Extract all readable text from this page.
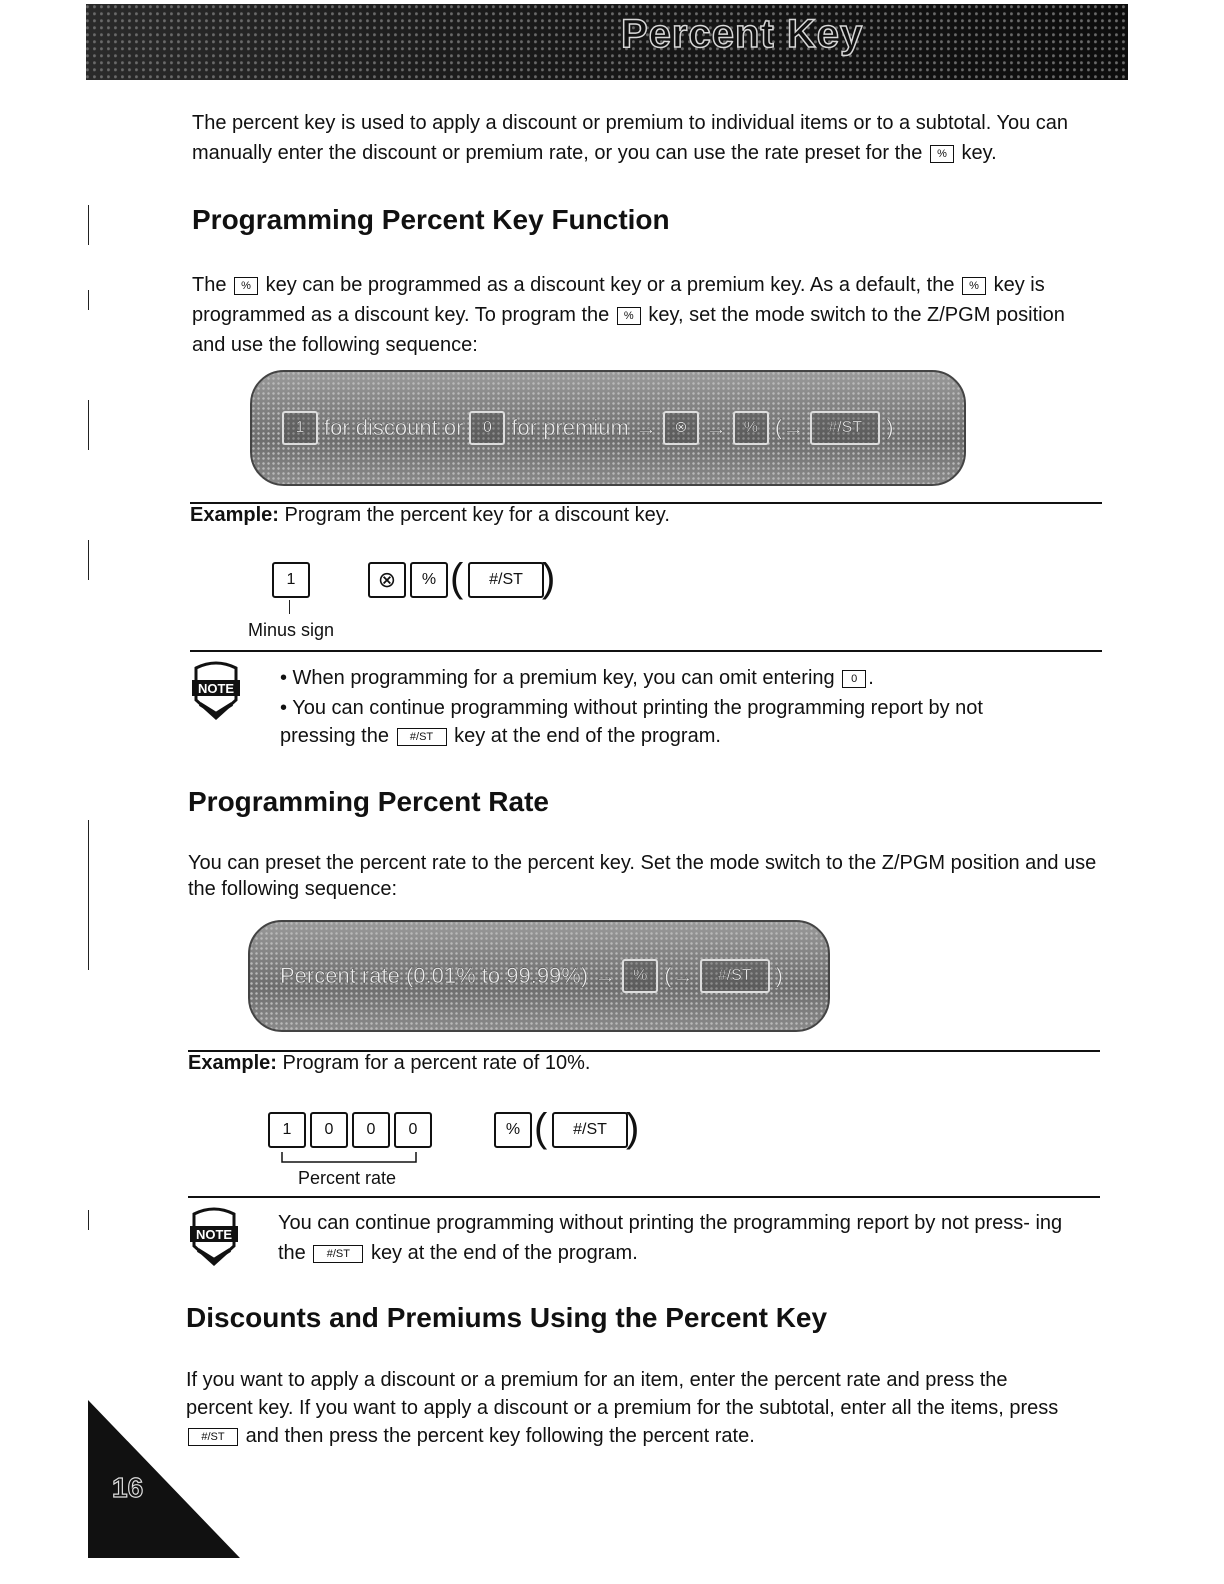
Percent Key

The percent key is used to apply a discount or premium to individual items or to a subtotal. You can manually enter the discount or premium rate, or you can use the rate preset for the % key.

Programming Percent Key Function

The % key can be programmed as a discount key or a premium key. As a default, the % key is programmed as a discount key. To program the % key, set the mode switch to the Z/PGM position and use the following sequence:

1 for discount or	0 for premium →	⊗ →	% (→	#/ST	)

Example: Program the percent key for a discount key.

1
Minus sign
⊗	% (	#/ST )
NOTE • When programming for a premium key, you can omit entering 0 .

• You can continue programming without printing the programming report by not pressing the #/ST key at the end of the program.

Programming Percent Rate

You can preset the percent rate to the percent key. Set the mode switch to the Z/PGM position and use the following sequence:

Percent rate (0.01% to 99.99%) →	% (→	#/ST	)

Example: Program for a percent rate of 10%.

1	0	0	0
Percent rate
% (	#/ST )
NOTE

You can continue programming without printing the programming report by not press- ing the #/ST key at the end of the program.

Discounts and Premiums Using the Percent Key

If you want to apply a discount or a premium for an item, enter the percent rate and press the percent key. If you want to apply a discount or a premium for the subtotal, enter all the items, press #/ST and then press the percent key following the percent rate.

16
